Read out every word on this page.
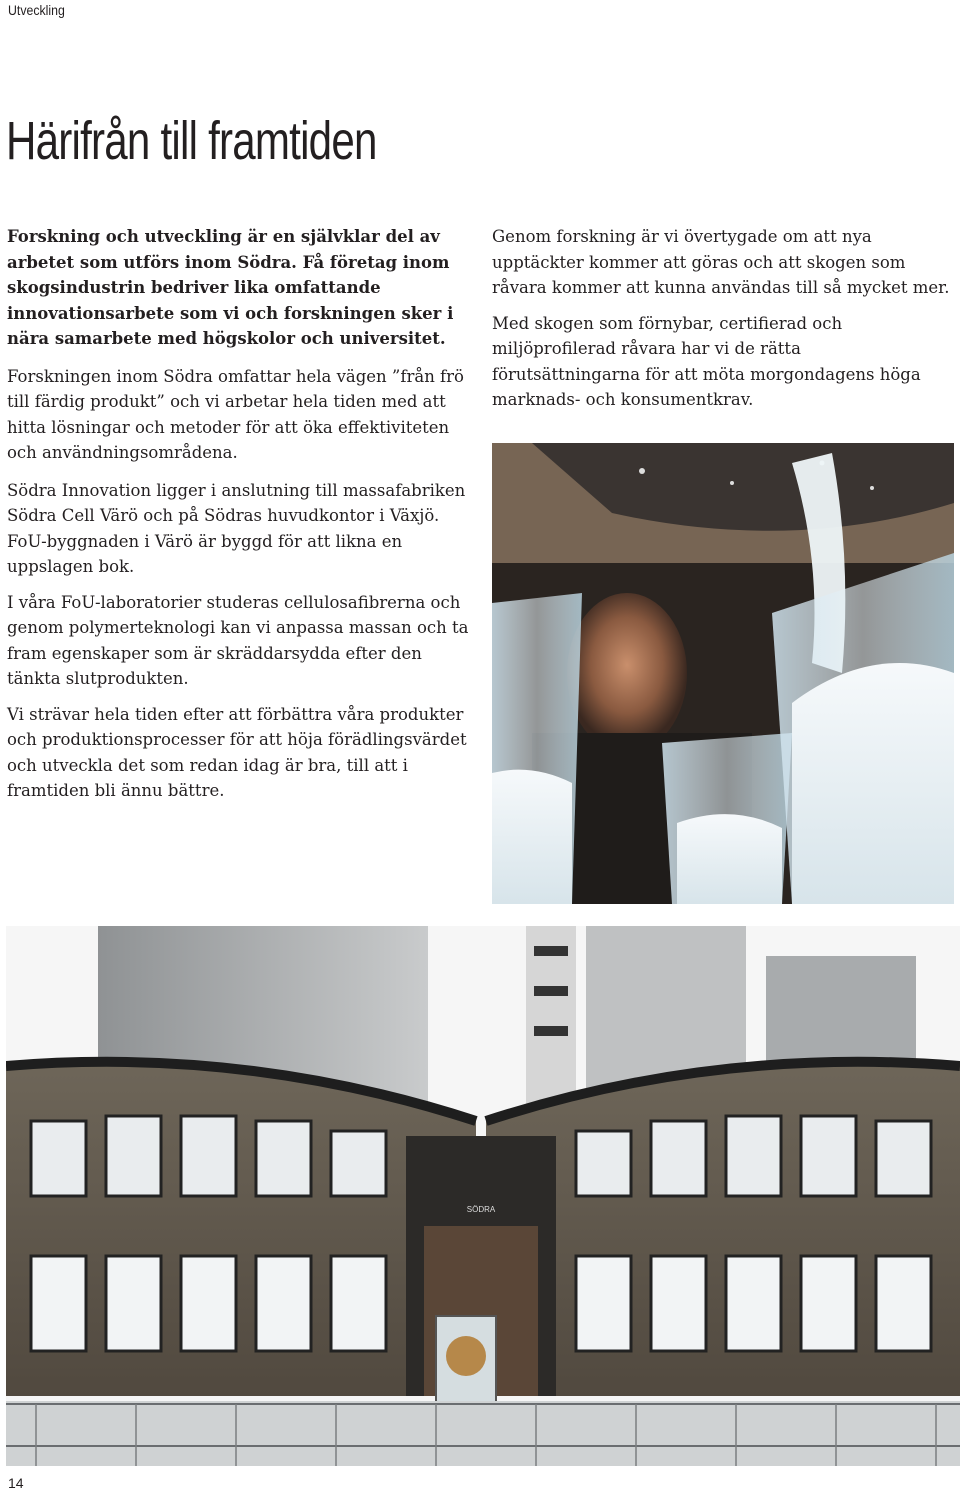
Utveckling
Härifrån till framtiden

Forskning och utveckling är en självklar del av arbetet som utförs inom Södra. Få företag inom skogsindustrin bedriver lika omfattande innovationsarbete som vi och forskningen sker i nära samarbete med högskolor och universitet.

Forskningen inom Södra omfattar hela vägen ”från frö till färdig produkt” och vi arbetar hela tiden med att hitta lösningar och metoder för att öka effektiviteten och användningsområdena.

Södra Innovation ligger i anslutning till massafabriken Södra Cell Värö och på Södras huvudkontor i Växjö. FoU-byggnaden i Värö är byggd för att likna en uppslagen bok.

I våra FoU-laboratorier studeras cellulosafibrerna och genom polymerteknologi kan vi anpassa massan och ta fram egenskaper som är skräddarsydda efter den tänkta slutprodukten.

Vi strävar hela tiden efter att förbättra våra produkter och produktionsprocesser för att höja förädlingsvärdet och utveckla det som redan idag är bra, till att i framtiden bli ännu bättre.

Genom forskning är vi övertygade om att nya upptäckter kommer att göras och att skogen som råvara kommer att kunna användas till så mycket mer.

Med skogen som förnybar, certifierad och miljöprofilerad råvara har vi de rätta förutsättningarna för att möta morgondagens höga marknads- och konsumentkrav.

SÖDRA
14
